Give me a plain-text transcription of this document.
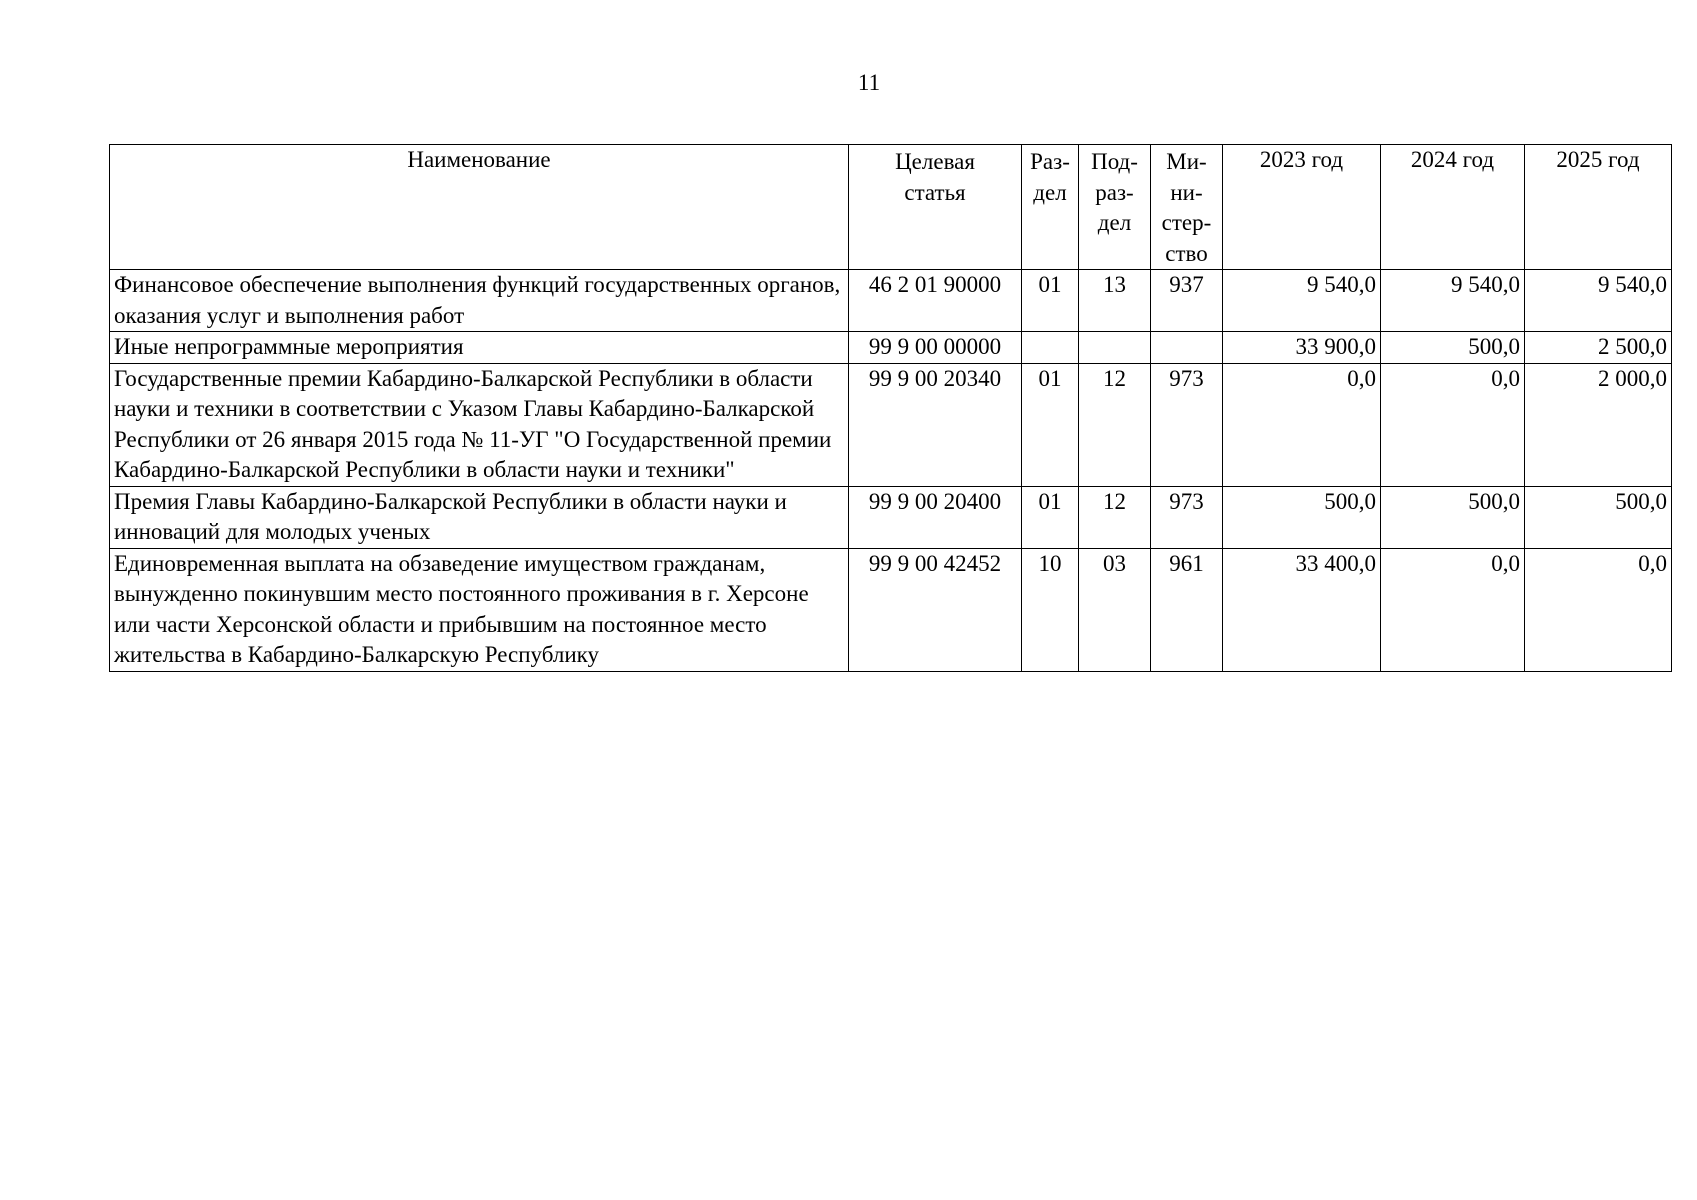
11
Наименование	Целевая статья	Раз- дел	Под- раз- дел	Ми- ни- стер- ство	2023 год	2024 год	2025 год
Финансовое обеспечение выполнения функций государственных органов, оказания услуг и выполнения работ	46 2 01 90000	01	13	937	9 540,0	9 540,0	9 540,0
Иные непрограммные мероприятия	99 9 00 00000				33 900,0	500,0	2 500,0
Государственные премии Кабардино-Балкарской Республики в области науки и техники в соответствии с Указом Главы Кабардино-Балкарской Республики от 26 января 2015 года № 11-УГ "О Государственной премии Кабардино-Балкарской Республики в области науки и техники"	99 9 00 20340	01	12	973	0,0	0,0	2 000,0
Премия Главы Кабардино-Балкарской Республики в области науки и инноваций для молодых ученых	99 9 00 20400	01	12	973	500,0	500,0	500,0
Единовременная выплата на обзаведение имуществом гражданам, вынужденно покинувшим место постоянного проживания в г. Херсоне или части Херсонской области и прибывшим на постоянное место жительства в Кабардино-Балкарскую Республику	99 9 00 42452	10	03	961	33 400,0	0,0	0,0
